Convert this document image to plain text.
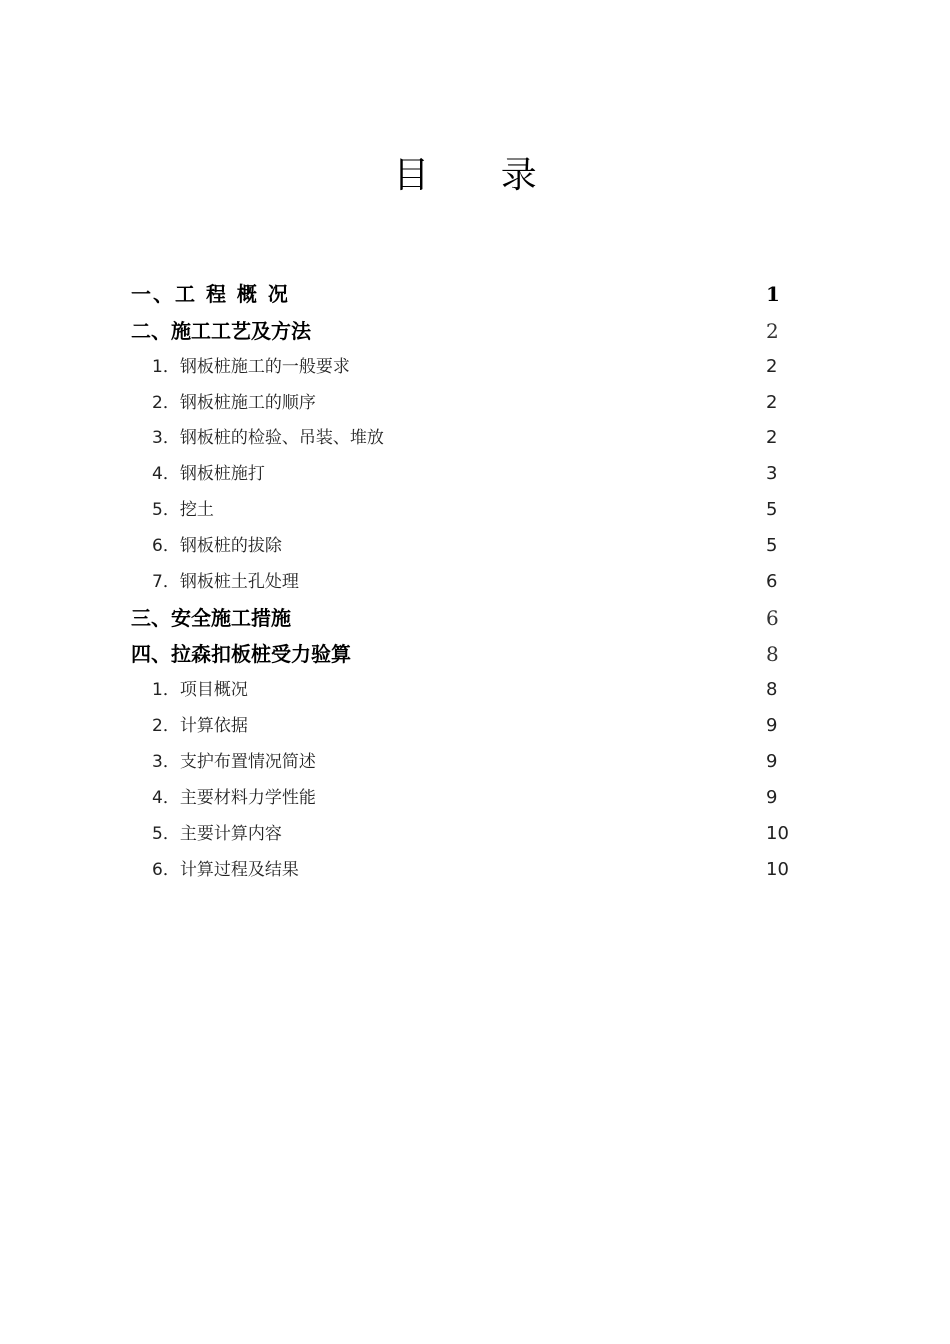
目 录
一、工 程 概 况	1
二、施工工艺及方法	2
1．钢板桩施工的一般要求	2
2．钢板桩施工的顺序	2
3．钢板桩的检验、吊装、堆放	2
4．钢板桩施打	3
5．挖土	5
6．钢板桩的拔除	5
7．钢板桩土孔处理	6
三、安全施工措施	6
四、拉森扣板桩受力验算	8
1．项目概况	8
2．计算依据	9
3．支护布置情况简述	9
4．主要材料力学性能	9
5．主要计算内容	10
6．计算过程及结果	10
